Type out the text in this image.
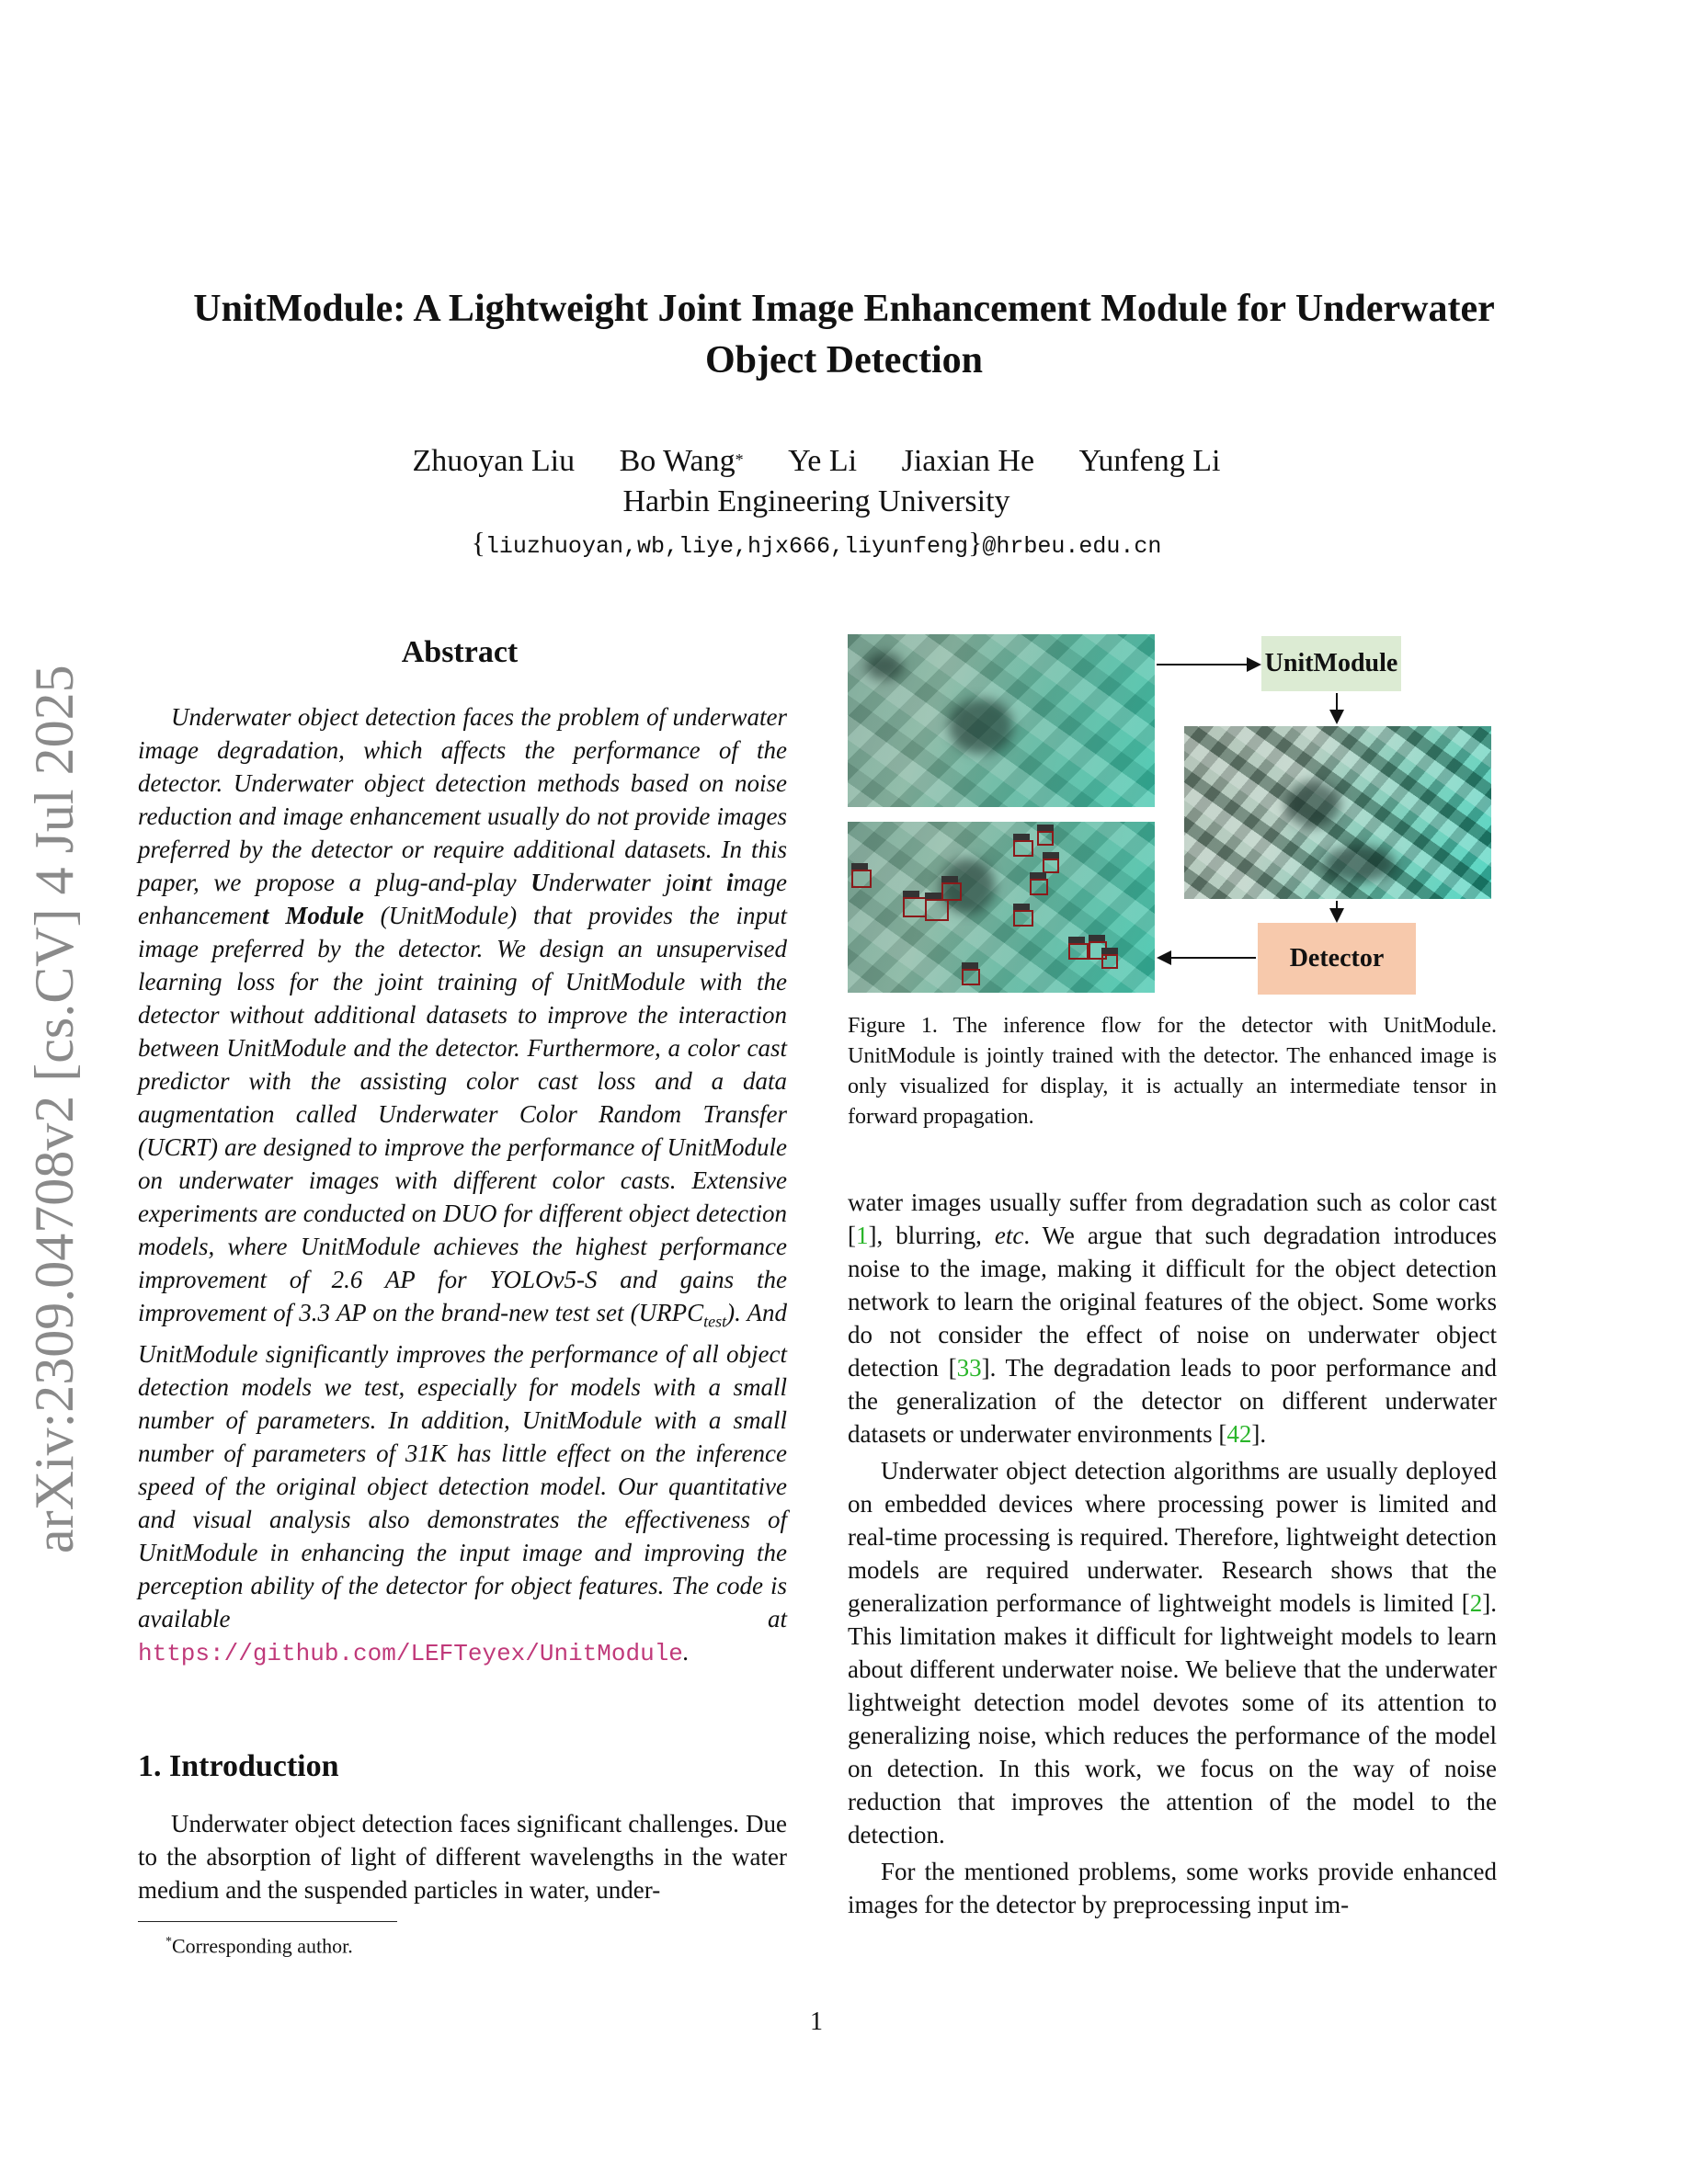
UnitModule: A Lightweight Joint Image Enhancement Module for Underwater Object Detection
Zhuoyan Liu Bo Wang* Ye Li Jiaxian He Yunfeng Li
Harbin Engineering University
{liuzhuoyan,wb,liye,hjx666,liyunfeng}@hrbeu.edu.cn
arXiv:2309.04708v2 [cs.CV] 4 Jul 2025
Abstract

Underwater object detection faces the problem of underwater image degradation, which affects the performance of the detector. Underwater object detection methods based on noise reduction and image enhancement usually do not provide images preferred by the detector or require additional datasets. In this paper, we propose a plug-and-play Underwater joint image enhancement Module (UnitModule) that provides the input image preferred by the detector. We design an unsupervised learning loss for the joint training of UnitModule with the detector without additional datasets to improve the interaction between UnitModule and the detector. Furthermore, a color cast predictor with the assisting color cast loss and a data augmentation called Underwater Color Random Transfer (UCRT) are designed to improve the performance of UnitModule on underwater images with different color casts. Extensive experiments are conducted on DUO for different object detection models, where UnitModule achieves the highest performance improvement of 2.6 AP for YOLOv5-S and gains the improvement of 3.3 AP on the brand-new test set $(URPC_{test})$. And UnitModule significantly improves the performance of all object detection models we test, especially for models with a small number of parameters. In addition, UnitModule with a small number of parameters of 31K has little effect on the inference speed of the original object detection model. Our quantitative and visual analysis also demonstrates the effectiveness of UnitModule in enhancing the input image and improving the perception ability of the detector for object features. The code is available at https://github.com/LEFTeyex/UnitModule.

1. Introduction

Underwater object detection faces significant challenges. Due to the absorption of light of different wavelengths in the water medium and the suspended particles in water, under-

*Corresponding author.
UnitModule
Detector

Figure 1. The inference flow for the detector with UnitModule. UnitModule is jointly trained with the detector. The enhanced image is only visualized for display, it is actually an intermediate tensor in forward propagation.

water images usually suffer from degradation such as color cast [1], blurring, etc. We argue that such degradation introduces noise to the image, making it difficult for the object detection network to learn the original features of the object. Some works do not consider the effect of noise on underwater object detection [33]. The degradation leads to poor performance and the generalization of the detector on different underwater datasets or underwater environments [42].

Underwater object detection algorithms are usually deployed on embedded devices where processing power is limited and real-time processing is required. Therefore, lightweight detection models are required underwater. Research shows that the generalization performance of lightweight models is limited [2]. This limitation makes it difficult for lightweight models to learn about different underwater noise. We believe that the underwater lightweight detection model devotes some of its attention to generalizing noise, which reduces the performance of the model on detection. In this work, we focus on the way of noise reduction that improves the attention of the model to the detection.

For the mentioned problems, some works provide enhanced images for the detector by preprocessing input im-

1
